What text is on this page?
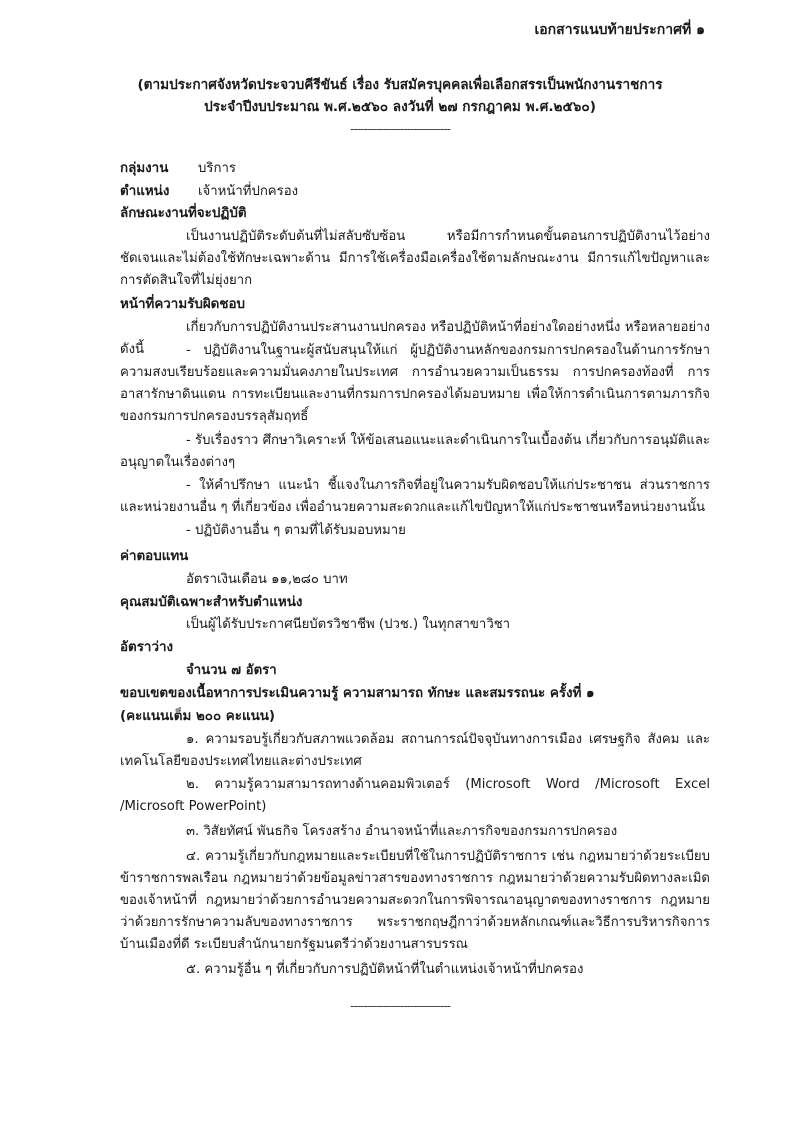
เอกสารแนบท้ายประกาศที่ ๑
(ตามประกาศจังหวัดประจวบคีรีขันธ์ เรื่อง รับสมัครบุคคลเพื่อเลือกสรรเป็นพนักงานราชการ
ประจำปีงบประมาณ พ.ศ.๒๕๖๐ ลงวันที่ ๒๗ กรกฎาคม พ.ศ.๒๕๖๐)
------------------------------
กลุ่มงาน บริการ
ตำแหน่ง เจ้าหน้าที่ปกครอง
ลักษณะงานที่จะปฏิบัติ
เป็นงานปฏิบัติระดับต้นที่ไม่สลับซับซ้อน หรือมีการกำหนดขั้นตอนการปฏิบัติงานไว้อย่างชัดเจนและไม่ต้องใช้ทักษะเฉพาะด้าน มีการใช้เครื่องมือเครื่องใช้ตามลักษณะงาน มีการแก้ไขปัญหาและการตัดสินใจที่ไม่ยุ่งยาก
หน้าที่ความรับผิดชอบ
เกี่ยวกับการปฏิบัติงานประสานงานปกครอง หรือปฏิบัติหน้าที่อย่างใดอย่างหนึ่ง หรือหลายอย่าง ดังนี้	- ปฏิบัติงานในฐานะผู้สนับสนุนให้แก่ ผู้ปฏิบัติงานหลักของกรมการปกครองในด้านการรักษาความสงบเรียบร้อยและความมั่นคงภายในประเทศ การอำนวยความเป็นธรรม การปกครองท้องที่ การอาสารักษาดินแดน การทะเบียนและงานที่กรมการปกครองได้มอบหมาย เพื่อให้การดำเนินการตามภารกิจของกรมการปกครองบรรลุสัมฤทธิ์
- รับเรื่องราว ศึกษาวิเคราะห์ ให้ข้อเสนอแนะและดำเนินการในเบื้องต้น เกี่ยวกับการอนุมัติและอนุญาตในเรื่องต่างๆ
- ให้คำปรึกษา แนะนำ ชี้แจงในภารกิจที่อยู่ในความรับผิดชอบให้แก่ประชาชน ส่วนราชการและหน่วยงานอื่น ๆ ที่เกี่ยวข้อง เพื่ออำนวยความสะดวกและแก้ไขปัญหาให้แก่ประชาชนหรือหน่วยงานนั้น
- ปฏิบัติงานอื่น ๆ ตามที่ได้รับมอบหมาย
ค่าตอบแทน
อัตราเงินเดือน ๑๑,๒๘๐ บาท
คุณสมบัติเฉพาะสำหรับตำแหน่ง
เป็นผู้ได้รับประกาศนียบัตรวิชาชีพ (ปวช.) ในทุกสาขาวิชา
อัตราว่าง
จำนวน ๗ อัตรา
ขอบเขตของเนื้อหาการประเมินความรู้ ความสามารถ ทักษะ และสมรรถนะ ครั้งที่ ๑
(คะแนนเต็ม ๒๐๐ คะแนน)
๑. ความรอบรู้เกี่ยวกับสภาพแวดล้อม สถานการณ์ปัจจุบันทางการเมือง เศรษฐกิจ สังคม และเทคโนโลยีของประเทศไทยและต่างประเทศ
๒. ความรู้ความสามารถทางด้านคอมพิวเตอร์ (Microsoft Word /Microsoft Excel /Microsoft PowerPoint)
๓. วิสัยทัศน์ พันธกิจ โครงสร้าง อำนาจหน้าที่และภารกิจของกรมการปกครอง
๔. ความรู้เกี่ยวกับกฎหมายและระเบียบที่ใช้ในการปฏิบัติราชการ เช่น กฎหมายว่าด้วยระเบียบข้าราชการพลเรือน กฎหมายว่าด้วยข้อมูลข่าวสารของทางราชการ กฎหมายว่าด้วยความรับผิดทางละเมิดของเจ้าหน้าที่ กฎหมายว่าด้วยการอำนวยความสะดวกในการพิจารณาอนุญาตของทางราชการ กฎหมายว่าด้วยการรักษาความลับของทางราชการ พระราชกฤษฎีกาว่าด้วยหลักเกณฑ์และวิธีการบริหารกิจการบ้านเมืองที่ดี ระเบียบสำนักนายกรัฐมนตรีว่าด้วยงานสารบรรณ
๕. ความรู้อื่น ๆ ที่เกี่ยวกับการปฏิบัติหน้าที่ในตำแหน่งเจ้าหน้าที่ปกครอง
------------------------------
